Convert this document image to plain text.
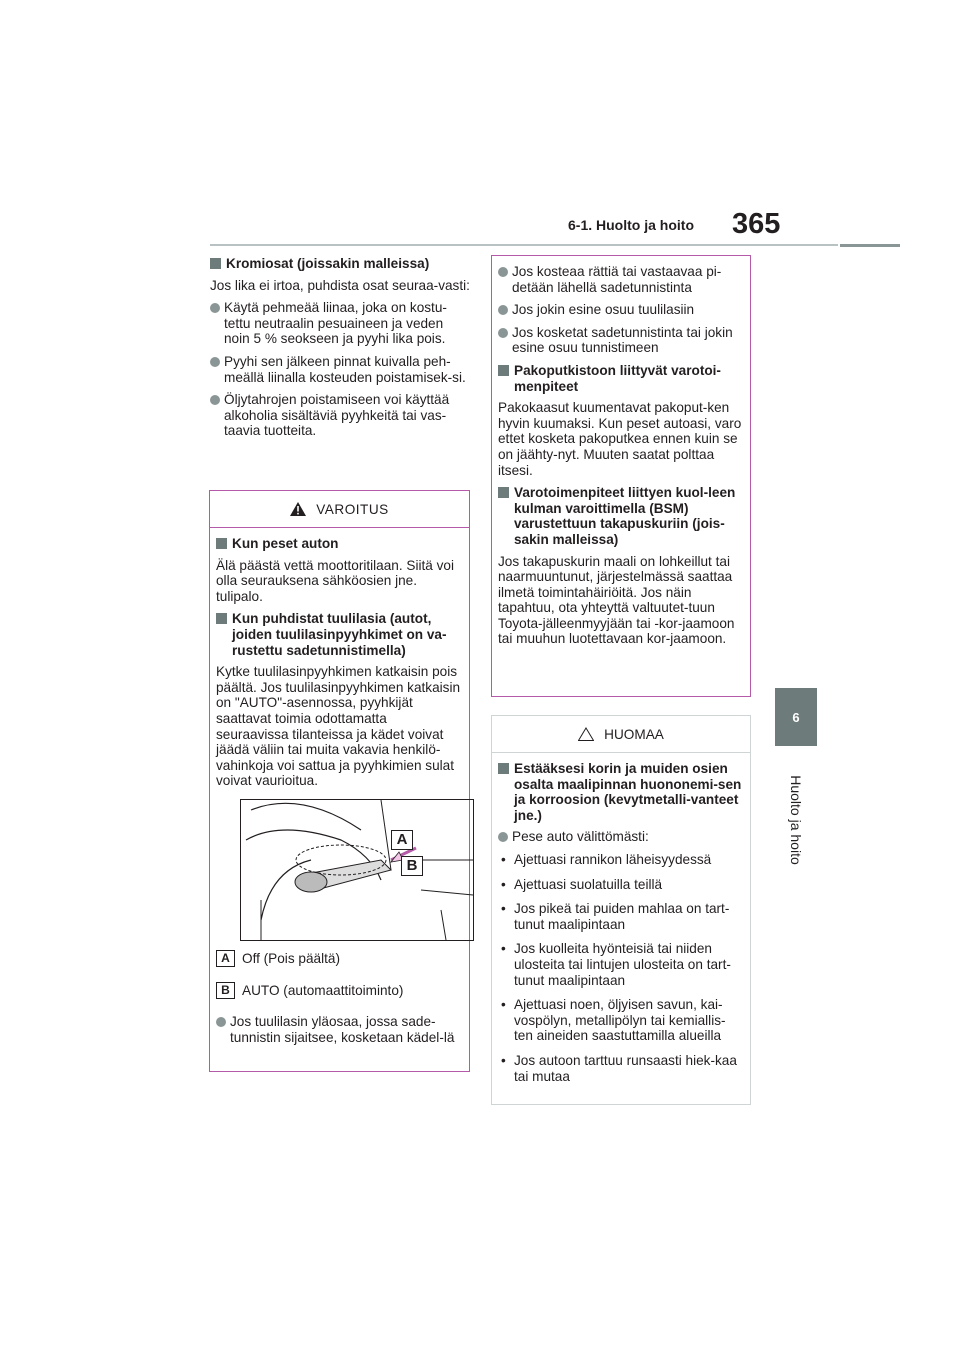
6-1. Huolto ja hoito 365
6
Huolto ja hoito
Kromiosat (joissakin malleissa)
Jos lika ei irtoa, puhdista osat seuraa-vasti:
Käytä pehmeää liinaa, joka on kostu-tettu neutraalin pesuaineen ja veden noin 5 % seokseen ja pyyhi lika pois.
Pyyhi sen jälkeen pinnat kuivalla peh-meällä liinalla kosteuden poistamisek-si.
Öljytahrojen poistamiseen voi käyttää alkoholia sisältäviä pyyhkeitä tai vas-taavia tuotteita.
VAROITUS
Kun peset auton
Älä päästä vettä moottoritilaan. Siitä voi olla seurauksena sähköosien jne. tulipalo.
Kun puhdistat tuulilasia (autot, joiden tuulilasinpyyhkimet on va-rustettu sadetunnistimella)
Kytke tuulilasinpyyhkimen katkaisin pois päältä. Jos tuulilasinpyyhkimen katkaisin on "AUTO"-asennossa, pyyhkijät saattavat toimia odottamatta seuraavissa tilanteissa ja kädet voivat jäädä väliin tai muita vakavia henkilö-vahinkoja voi sattua ja pyyhkimien sulat voivat vaurioitua.
A
B
A Off (Pois päältä)
B AUTO (automaattitoiminto)
Jos tuulilasin yläosaa, jossa sade-tunnistin sijaitsee, kosketaan kädel-lä
Jos kosteaa rättiä tai vastaavaa pi-detään lähellä sadetunnistinta
Jos jokin esine osuu tuulilasiin
Jos kosketat sadetunnistinta tai jokin esine osuu tunnistimeen
Pakoputkistoon liittyvät varotoi-menpiteet
Pakokaasut kuumentavat pakoput-ken hyvin kuumaksi. Kun peset autoasi, varo ettet kosketa pakoputkea ennen kuin se on jäähty-nyt. Muuten saatat polttaa itsesi.
Varotoimenpiteet liittyen kuol-leen kulman varoittimella (BSM) varustettuun takapuskuriin (jois-sakin malleissa)
Jos takapuskurin maali on lohkeillut tai naarmuuntunut, järjestelmässä saattaa ilmetä toimintahäiriöitä. Jos näin tapahtuu, ota yhteyttä valtuutet-tuun Toyota-jälleenmyyjään tai -kor-jaamoon tai muuhun luotettavaan kor-jaamoon.
HUOMAA
Estääksesi korin ja muiden osien osalta maalipinnan huononemi-sen ja korroosion (kevytmetalli-vanteet jne.)
Pese auto välittömästi:
• Ajettuasi rannikon läheisyydessä
• Ajettuasi suolatuilla teillä
• Jos pikeä tai puiden mahlaa on tart-tunut maalipintaan
• Jos kuolleita hyönteisiä tai niiden ulosteita tai lintujen ulosteita on tart-tunut maalipintaan
• Ajettuasi noen, öljyisen savun, kai-vospölyn, metallipölyn tai kemiallis-ten aineiden saastuttamilla alueilla
• Jos autoon tarttuu runsaasti hiek-kaa tai mutaa
